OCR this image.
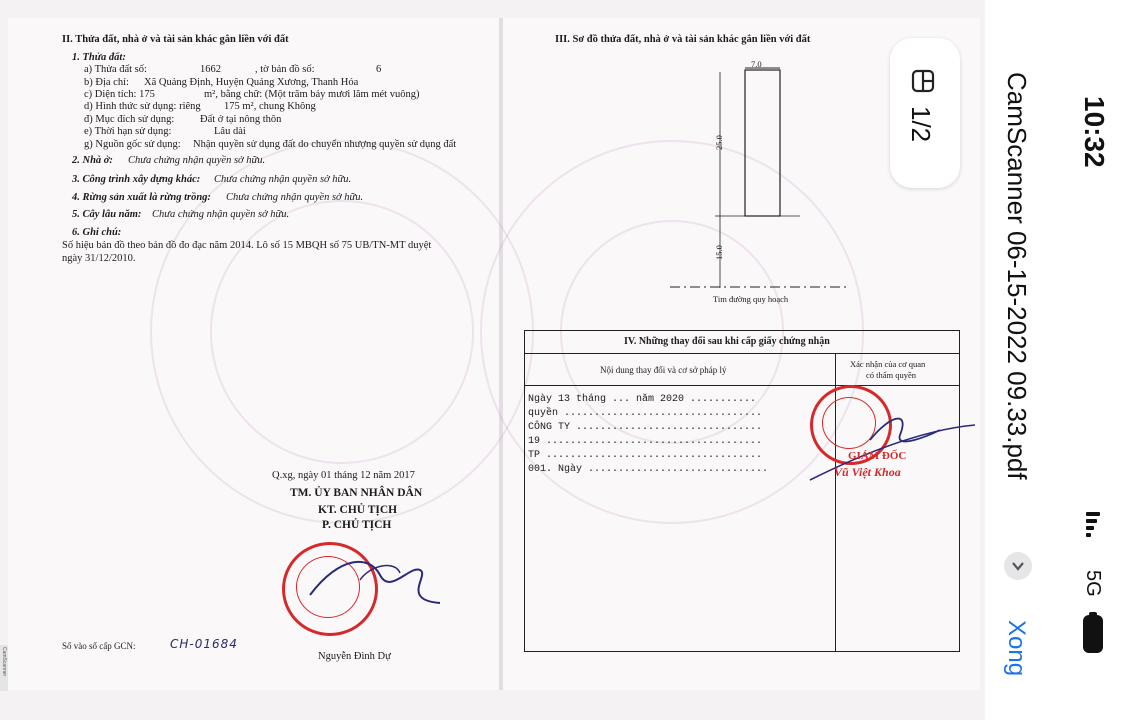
II. Thửa đất, nhà ở và tài sản khác gắn liền với đất
1. Thửa đất:
a) Thửa đất số:	1662	, tờ bản đồ số:	6
b) Địa chỉ: Xã Quảng Định, Huyện Quảng Xương, Thanh Hóa
c) Diện tích: 175	m², bằng chữ: (Một trăm bảy mươi lăm mét vuông)
d) Hình thức sử dụng: riêng 175 m², chung Không
đ) Mục đích sử dụng: Đất ở tại nông thôn
e) Thời hạn sử dụng:	Lâu dài
g) Nguồn gốc sử dụng: Nhận quyền sử dụng đất do chuyển nhượng quyền sử dụng đất
2. Nhà ở: Chưa chứng nhận quyền sở hữu.
3. Công trình xây dựng khác: Chưa chứng nhận quyền sở hữu.
4. Rừng sản xuất là rừng trồng: Chưa chứng nhận quyền sở hữu.
5. Cây lâu năm: Chưa chứng nhận quyền sở hữu.
6. Ghi chú:
Số hiệu bản đồ theo bản đồ đo đạc năm 2014. Lô số 15 MBQH số 75 UB/TN-MT duyệt
ngày 31/12/2010.
Q.xg, ngày 01 tháng 12 năm 2017
TM. ỦY BAN NHÂN DÂN
KT. CHỦ TỊCH
P. CHỦ TỊCH
Số vào sổ cấp GCN:	CH-01684
Nguyễn Đình Dự
III. Sơ đồ thửa đất, nhà ở và tài sản khác gắn liền với đất
7.0
25.0
15.0
Tim đường quy hoạch
IV. Những thay đổi sau khi cấp giấy chứng nhận
Nội dung thay đổi và cơ sở pháp lý
Xác nhận của cơ quan
có thẩm quyền
Ngày 13 tháng ... năm 2020 ...........
quyền .................................
CÔNG TY ...............................
19 ....................................
TP ....................................
001. Ngày ..............................
GIÁM ĐỐC
Vũ Việt Khoa
CamScanner
1/2	10:32
CamScanner 06-15-2022 09.33.pdf
5G
Xong
